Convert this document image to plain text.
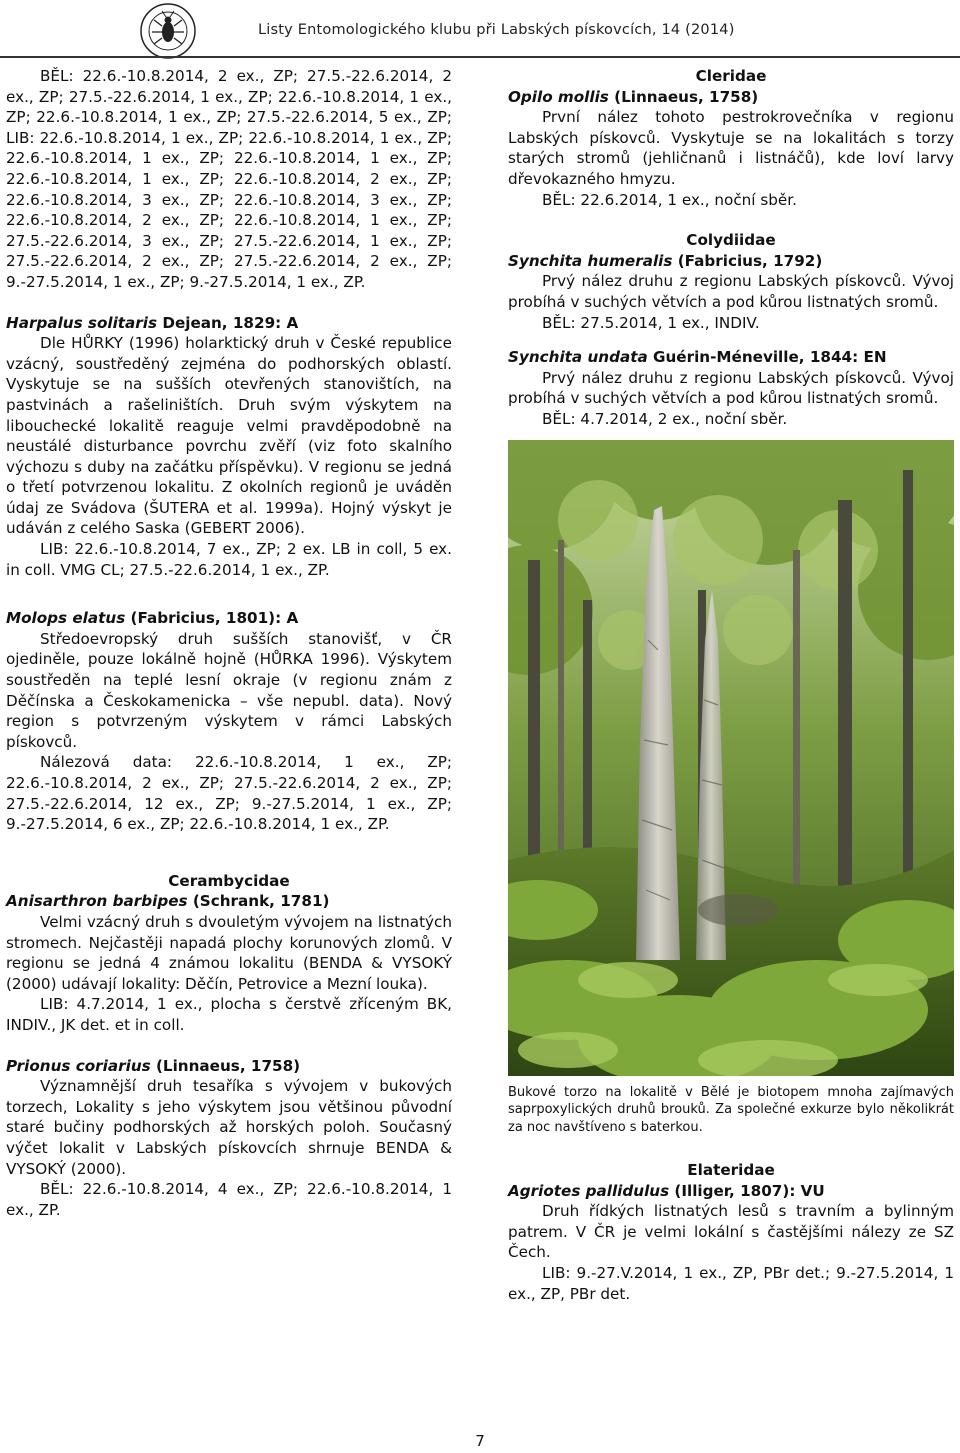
Listy Entomologického klubu při Labských pískovcích, 14 (2014)

BĚL: 22.6.-10.8.2014, 2 ex., ZP; 27.5.-22.6.2014, 2 ex., ZP; 27.5.-22.6.2014, 1 ex., ZP; 22.6.-10.8.2014, 1 ex., ZP; 22.6.-10.8.2014, 1 ex., ZP; 27.5.-22.6.2014, 5 ex., ZP; LIB: 22.6.-10.8.2014, 1 ex., ZP; 22.6.-10.8.2014, 1 ex., ZP; 22.6.-10.8.2014, 1 ex., ZP; 22.6.-10.8.2014, 1 ex., ZP; 22.6.-10.8.2014, 1 ex., ZP; 22.6.-10.8.2014, 2 ex., ZP; 22.6.-10.8.2014, 3 ex., ZP; 22.6.-10.8.2014, 3 ex., ZP; 22.6.-10.8.2014, 2 ex., ZP; 22.6.-10.8.2014, 1 ex., ZP; 27.5.-22.6.2014, 3 ex., ZP; 27.5.-22.6.2014, 1 ex., ZP; 27.5.-22.6.2014, 2 ex., ZP; 27.5.-22.6.2014, 2 ex., ZP; 9.-27.5.2014, 1 ex., ZP; 9.-27.5.2014, 1 ex., ZP.

Harpalus solitaris Dejean, 1829: A

Dle HŮRKY (1996) holarktický druh v České republice vzácný, soustředěný zejména do podhorských oblastí. Vyskytuje se na sušších otevřených stanovištích, na pastvinách a rašeliništích. Druh svým výskytem na libouchecké lokalitě reaguje velmi pravděpodobně na neustálé disturbance povrchu zvěří (viz foto skalního výchozu s duby na začátku příspěvku). V regionu se jedná o třetí potvrzenou lokalitu. Z okolních regionů je uváděn údaj ze Svádova (ŠUTERA et al. 1999a). Hojný výskyt je udáván z celého Saska (GEBERT 2006).

LIB: 22.6.-10.8.2014, 7 ex., ZP; 2 ex. LB in coll, 5 ex. in coll. VMG CL; 27.5.-22.6.2014, 1 ex., ZP.

Molops elatus (Fabricius, 1801): A

Středoevropský druh sušších stanovišť, v ČR ojediněle, pouze lokálně hojně (HŮRKA 1996). Výskytem soustředěn na teplé lesní okraje (v regionu znám z Děčínska a Českokamenicka – vše nepubl. data). Nový region s potvrzeným výskytem v rámci Labských pískovců.

Nálezová data: 22.6.-10.8.2014, 1 ex., ZP; 22.6.-10.8.2014, 2 ex., ZP; 27.5.-22.6.2014, 2 ex., ZP; 27.5.-22.6.2014, 12 ex., ZP; 9.-27.5.2014, 1 ex., ZP; 9.-27.5.2014, 6 ex., ZP; 22.6.-10.8.2014, 1 ex., ZP.

Cerambycidae

Anisarthron barbipes (Schrank, 1781)

Velmi vzácný druh s dvouletým vývojem na listnatých stromech. Nejčastěji napadá plochy korunových zlomů. V regionu se jedná 4 známou lokalitu (BENDA & VYSOKÝ (2000) udávají lokality: Děčín, Petrovice a Mezní louka).

LIB: 4.7.2014, 1 ex., plocha s čerstvě zříceným BK, INDIV., JK det. et in coll.

Prionus coriarius (Linnaeus, 1758)

Významnější druh tesaříka s vývojem v bukových torzech, Lokality s jeho výskytem jsou většinou původní staré bučiny podhorských až horských poloh. Současný výčet lokalit v Labských pískovcích shrnuje BENDA & VYSOKÝ (2000).

BĚL: 22.6.-10.8.2014, 4 ex., ZP; 22.6.-10.8.2014, 1 ex., ZP.

Cleridae

Opilo mollis (Linnaeus, 1758)

První nález tohoto pestrokrovečníka v regionu Labských pískovců. Vyskytuje se na lokalitách s torzy starých stromů (jehličnanů i listnáčů), kde loví larvy dřevokazného hmyzu.

BĚL: 22.6.2014, 1 ex., noční sběr.

Colydiidae

Synchita humeralis (Fabricius, 1792)

Prvý nález druhu z regionu Labských pískovců. Vývoj probíhá v suchých větvích a pod kůrou listnatých sromů.

BĚL: 27.5.2014, 1 ex., INDIV.

Synchita undata Guérin-Méneville, 1844: EN

Prvý nález druhu z regionu Labských pískovců. Vývoj probíhá v suchých větvích a pod kůrou listnatých sromů.

BĚL: 4.7.2014, 2 ex., noční sběr.

Bukové torzo na lokalitě v Bělé je biotopem mnoha zajímavých saprpoxylických druhů brouků. Za společné exkurze bylo několikrát za noc navštíveno s baterkou.

Elateridae

Agriotes pallidulus (Illiger, 1807): VU

Druh řídkých listnatých lesů s travním a bylinným patrem. V ČR je velmi lokální s častějšími nálezy ze SZ Čech.

LIB: 9.-27.V.2014, 1 ex., ZP, PBr det.; 9.-27.5.2014, 1 ex., ZP, PBr det.

7
